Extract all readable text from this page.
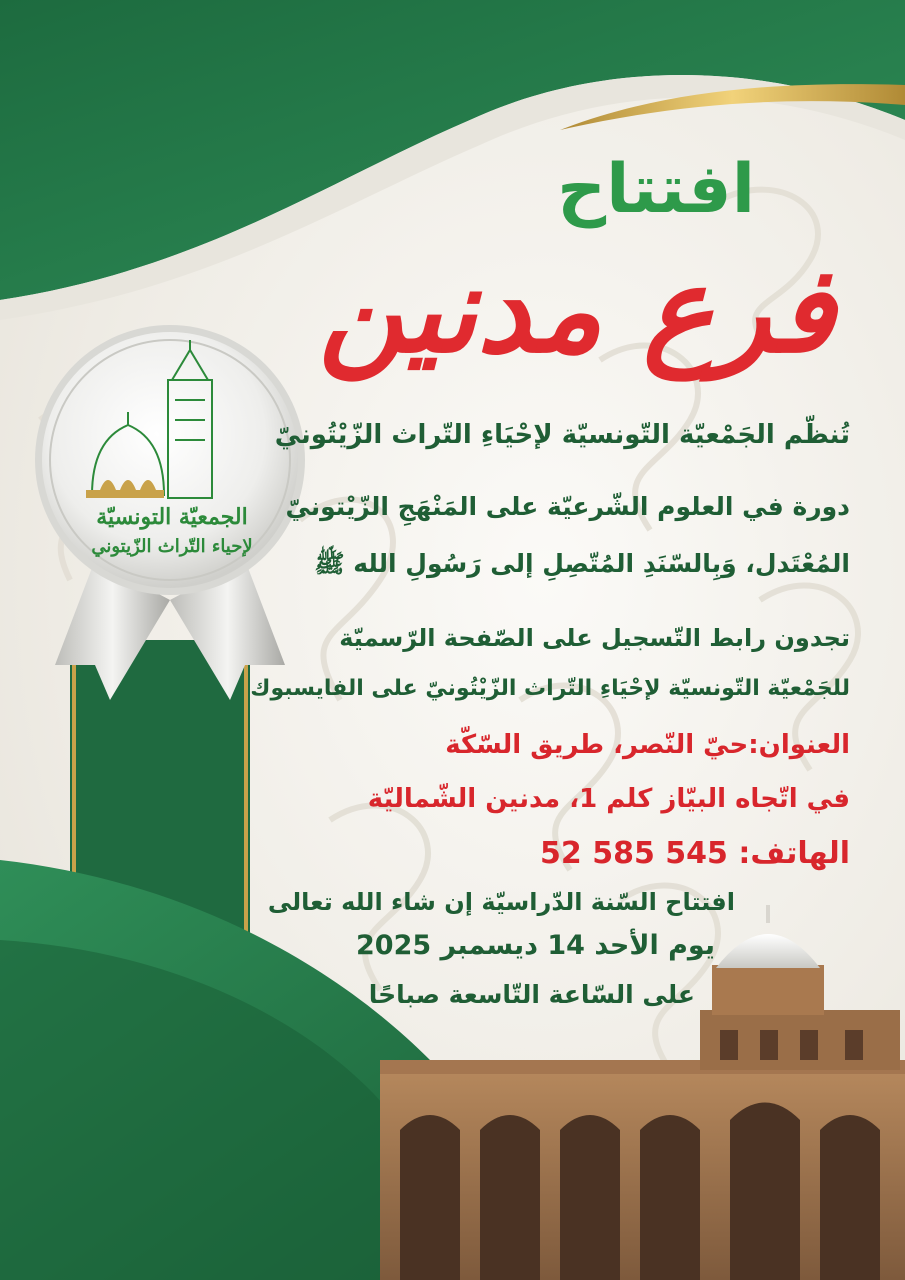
الجمعيّة التونسيّة
لإحياء التّراث الزّيتوني
افتتاح
فرع مدنين
تُنظّم الجَمْعيّة التّونسيّة لإحْيَاءِ التّراث الزّيْتُونيّ
دورة في العلوم الشّرعيّة على المَنْهَجِ الزّيْتونيّ
المُعْتَدل، وَبِالسّنَدِ المُتّصِلِ إلى رَسُولِ الله ﷺ
تجدون رابط التّسجيل على الصّفحة الرّسميّة
للجَمْعيّة التّونسيّة لإحْيَاءِ التّراث الزّيْتُونيّ على الفايسبوك
العنوان:حيّ النّصر، طريق السّكّة
في اتّجاه البيّاز كلم 1، مدنين الشّماليّة
الهاتف: 52 585 545
افتتاح السّنة الدّراسيّة إن شاء الله تعالى
يوم الأحد 14 ديسمبر 2025
على السّاعة التّاسعة صباحًا
